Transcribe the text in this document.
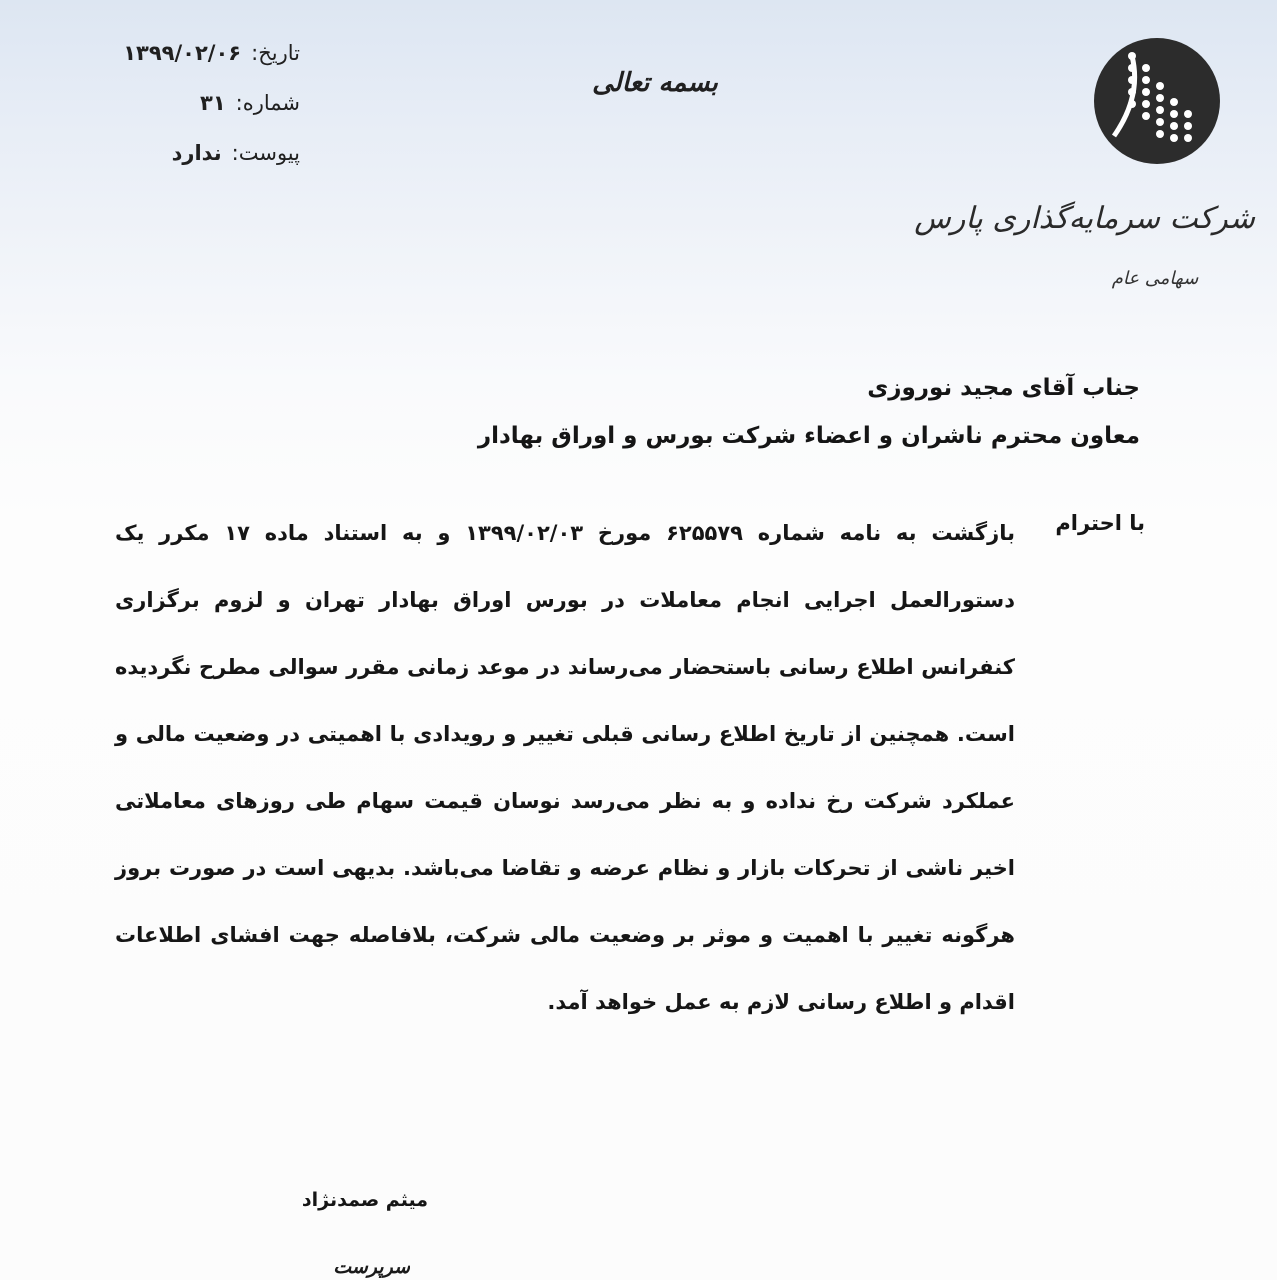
تاریخ:
۱۳۹۹/۰۲/۰۶
شماره:
۳۱
پیوست:
ندارد
بسمه تعالی
شرکت سرمایه‌گذاری پارس
سهامی عام
جناب آقای مجید نوروزی
معاون محترم ناشران و اعضاء شرکت بورس و اوراق بهادار
با احترام
بازگشت به نامه شماره ۶۲۵۵۷۹ مورخ ۱۳۹۹/۰۲/۰۳ و به استناد ماده ۱۷ مکرر یک دستورالعمل اجرایی انجام معاملات در بورس اوراق بهادار تهران و لزوم برگزاری کنفرانس اطلاع رسانی باستحضار می‌رساند در موعد زمانی مقرر سوالی مطرح نگردیده است. همچنین از تاریخ اطلاع رسانی قبلی تغییر و رویدادی با اهمیتی در وضعیت مالی و عملکرد شرکت رخ نداده و به نظر می‌رسد نوسان قیمت سهام طی روزهای معاملاتی اخیر ناشی از تحرکات بازار و نظام عرضه و تقاضا می‌باشد. بدیهی است در صورت بروز هرگونه تغییر با اهمیت و موثر بر وضعیت مالی شرکت، بلافاصله جهت افشای اطلاعات اقدام و اطلاع رسانی لازم به عمل خواهد آمد.
میثم صمدنژاد
سرپرست
